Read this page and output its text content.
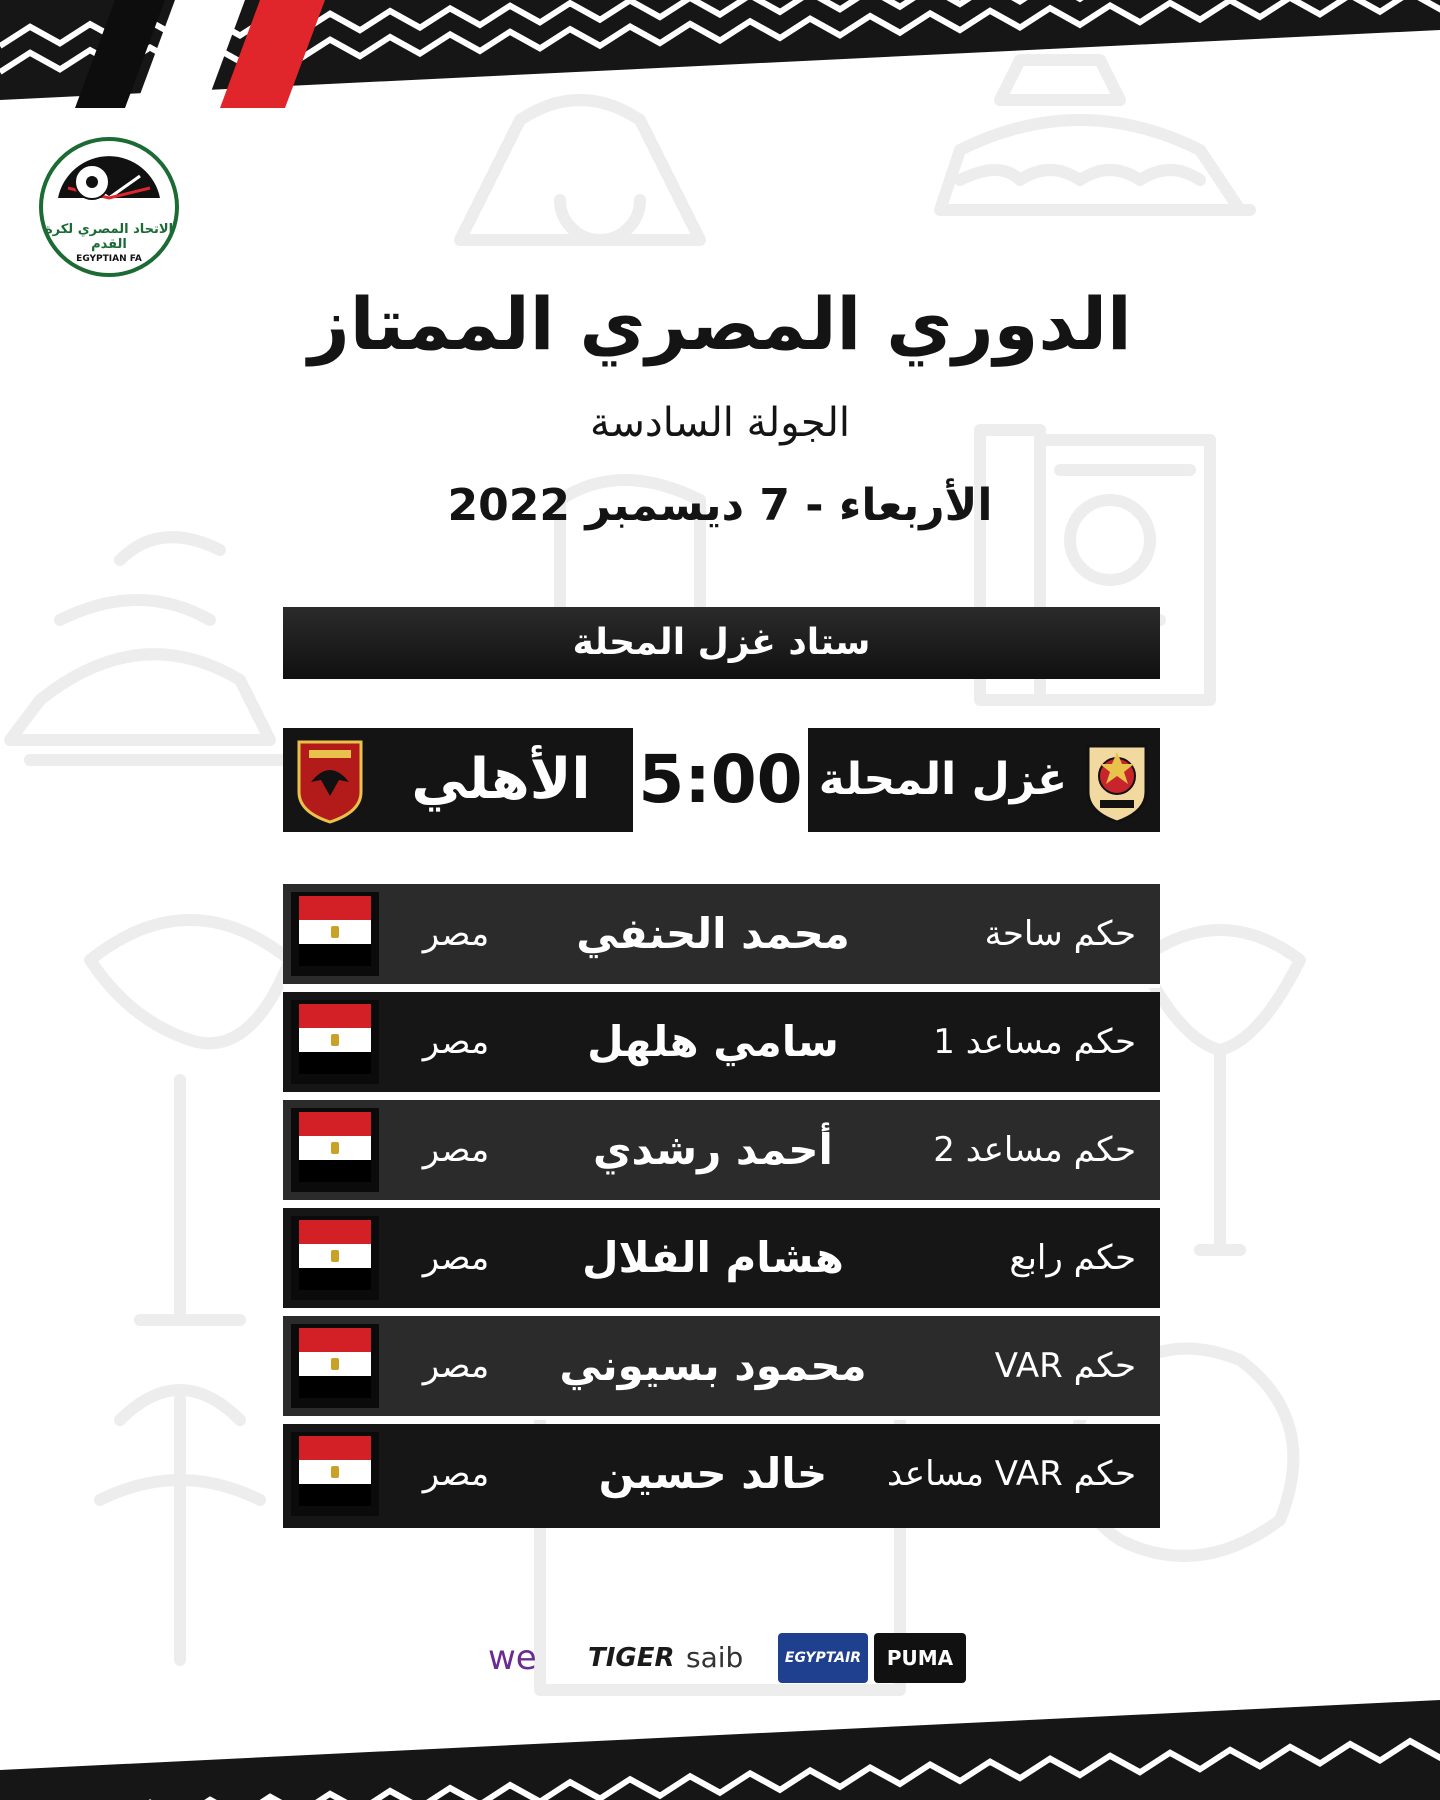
الاتحاد المصري لكرة القدم
EGYPTIAN FA
الدوري المصري الممتاز
الجولة السادسة
الأربعاء - 7 ديسمبر 2022
ستاد غزل المحلة
الأهلي 5:00 غزل المحلة
مصر	محمد الحنفي	حكم ساحة
مصر	سامي هلهل	حكم مساعد 1
مصر	أحمد رشدي	حكم مساعد 2
مصر	هشام الفلال	حكم رابع
مصر	محمود بسيوني	حكم VAR
مصر	خالد حسين	حكم VAR مساعد
we TIGER saib	EGYPTAIR	PUMA
